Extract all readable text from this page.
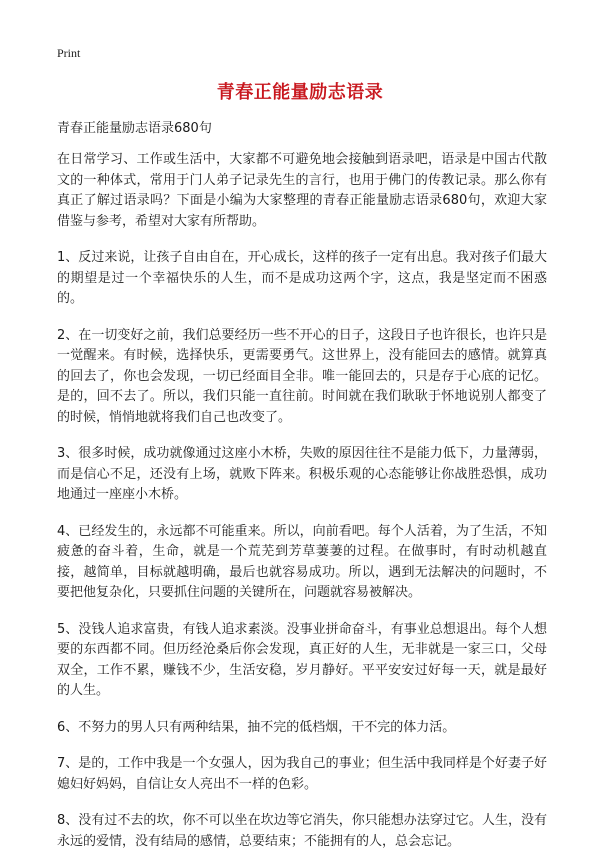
Print
青春正能量励志语录

青春正能量励志语录680句

在日常学习、工作或生活中，大家都不可避免地会接触到语录吧，语录是中国古代散文的一种体式，常用于门人弟子记录先生的言行，也用于佛门的传教记录。那么你有真正了解过语录吗？下面是小编为大家整理的青春正能量励志语录680句，欢迎大家借鉴与参考，希望对大家有所帮助。

1、反过来说，让孩子自由自在，开心成长，这样的孩子一定有出息。我对孩子们最大的期望是过一个幸福快乐的人生，而不是成功这两个字，这点，我是坚定而不困惑的。

2、在一切变好之前，我们总要经历一些不开心的日子，这段日子也许很长，也许只是一觉醒来。有时候，选择快乐，更需要勇气。这世界上，没有能回去的感情。就算真的回去了，你也会发现，一切已经面目全非。唯一能回去的，只是存于心底的记忆。是的，回不去了。所以，我们只能一直往前。时间就在我们耿耿于怀地说别人都变了的时候，悄悄地就将我们自己也改变了。

3、很多时候，成功就像通过这座小木桥，失败的原因往往不是能力低下，力量薄弱，而是信心不足，还没有上场，就败下阵来。积极乐观的心态能够让你战胜恐惧，成功地通过一座座小木桥。

4、已经发生的，永远都不可能重来。所以，向前看吧。每个人活着，为了生活，不知疲惫的奋斗着，生命，就是一个荒芜到芳草萋萋的过程。在做事时，有时动机越直接，越简单，目标就越明确，最后也就容易成功。所以，遇到无法解决的问题时，不要把他复杂化，只要抓住问题的关键所在，问题就容易被解决。

5、没钱人追求富贵，有钱人追求素淡。没事业拼命奋斗，有事业总想退出。每个人想要的东西都不同。但历经沧桑后你会发现，真正好的人生，无非就是一家三口，父母双全，工作不累，赚钱不少，生活安稳，岁月静好。平平安安过好每一天，就是最好的人生。

6、不努力的男人只有两种结果，抽不完的低档烟，干不完的体力活。

7、是的，工作中我是一个女强人，因为我自己的事业；但生活中我同样是个好妻子好媳妇好妈妈，自信让女人亮出不一样的色彩。

8、没有过不去的坎，你不可以坐在坎边等它消失，你只能想办法穿过它。人生，没有永远的爱情，没有结局的感情，总要结束；不能拥有的人，总会忘记。
